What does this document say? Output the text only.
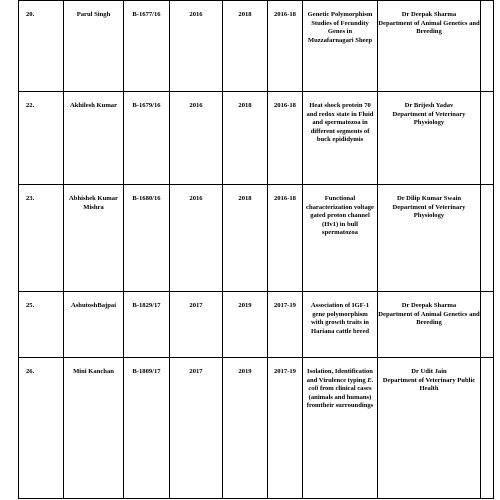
20.	Parul Singh	B-1677/16	2016	2018	2016-18	Genetic Polymorphism Studies of Fecundity Genes in Muzzafarnagari Sheep	Dr Deepak Sharma
Department of Animal Genetics and Breeding	

22.	Akhilesh Kumar	B-1679/16	2016	2018	2016-18	Heat shock protein 70 and redox state in Fluid and spermatozoa in different segments of buck epididymis	Dr Brijesh Yadav
Department of Veterinary Physiology	

23.	Abhishek Kumar Mishra	B-1680/16	2016	2018	2016-18	Functional characterization voltage gated proton channel (Hv1) in bull spermatozoa	Dr Dilip Kumar Swain
Department of Veterinary Physiology	

25.	AshutoshBajpai	B-1829/17	2017	2019	2017-19	Association of IGF-1 gene polymorphism with growth traits in Hariana cattle breed	Dr Deepak Sharma
Department of Animal Genetics and Breeding	

26.	Mini Kanchan	B-1809/17	2017	2019	2017-19	Isolation, Identification and Virulence typing E. coli from clinical cases (animals and humans) fromtheir surroundings	Dr Udit Jain
Department of Veterinary Public Health	
